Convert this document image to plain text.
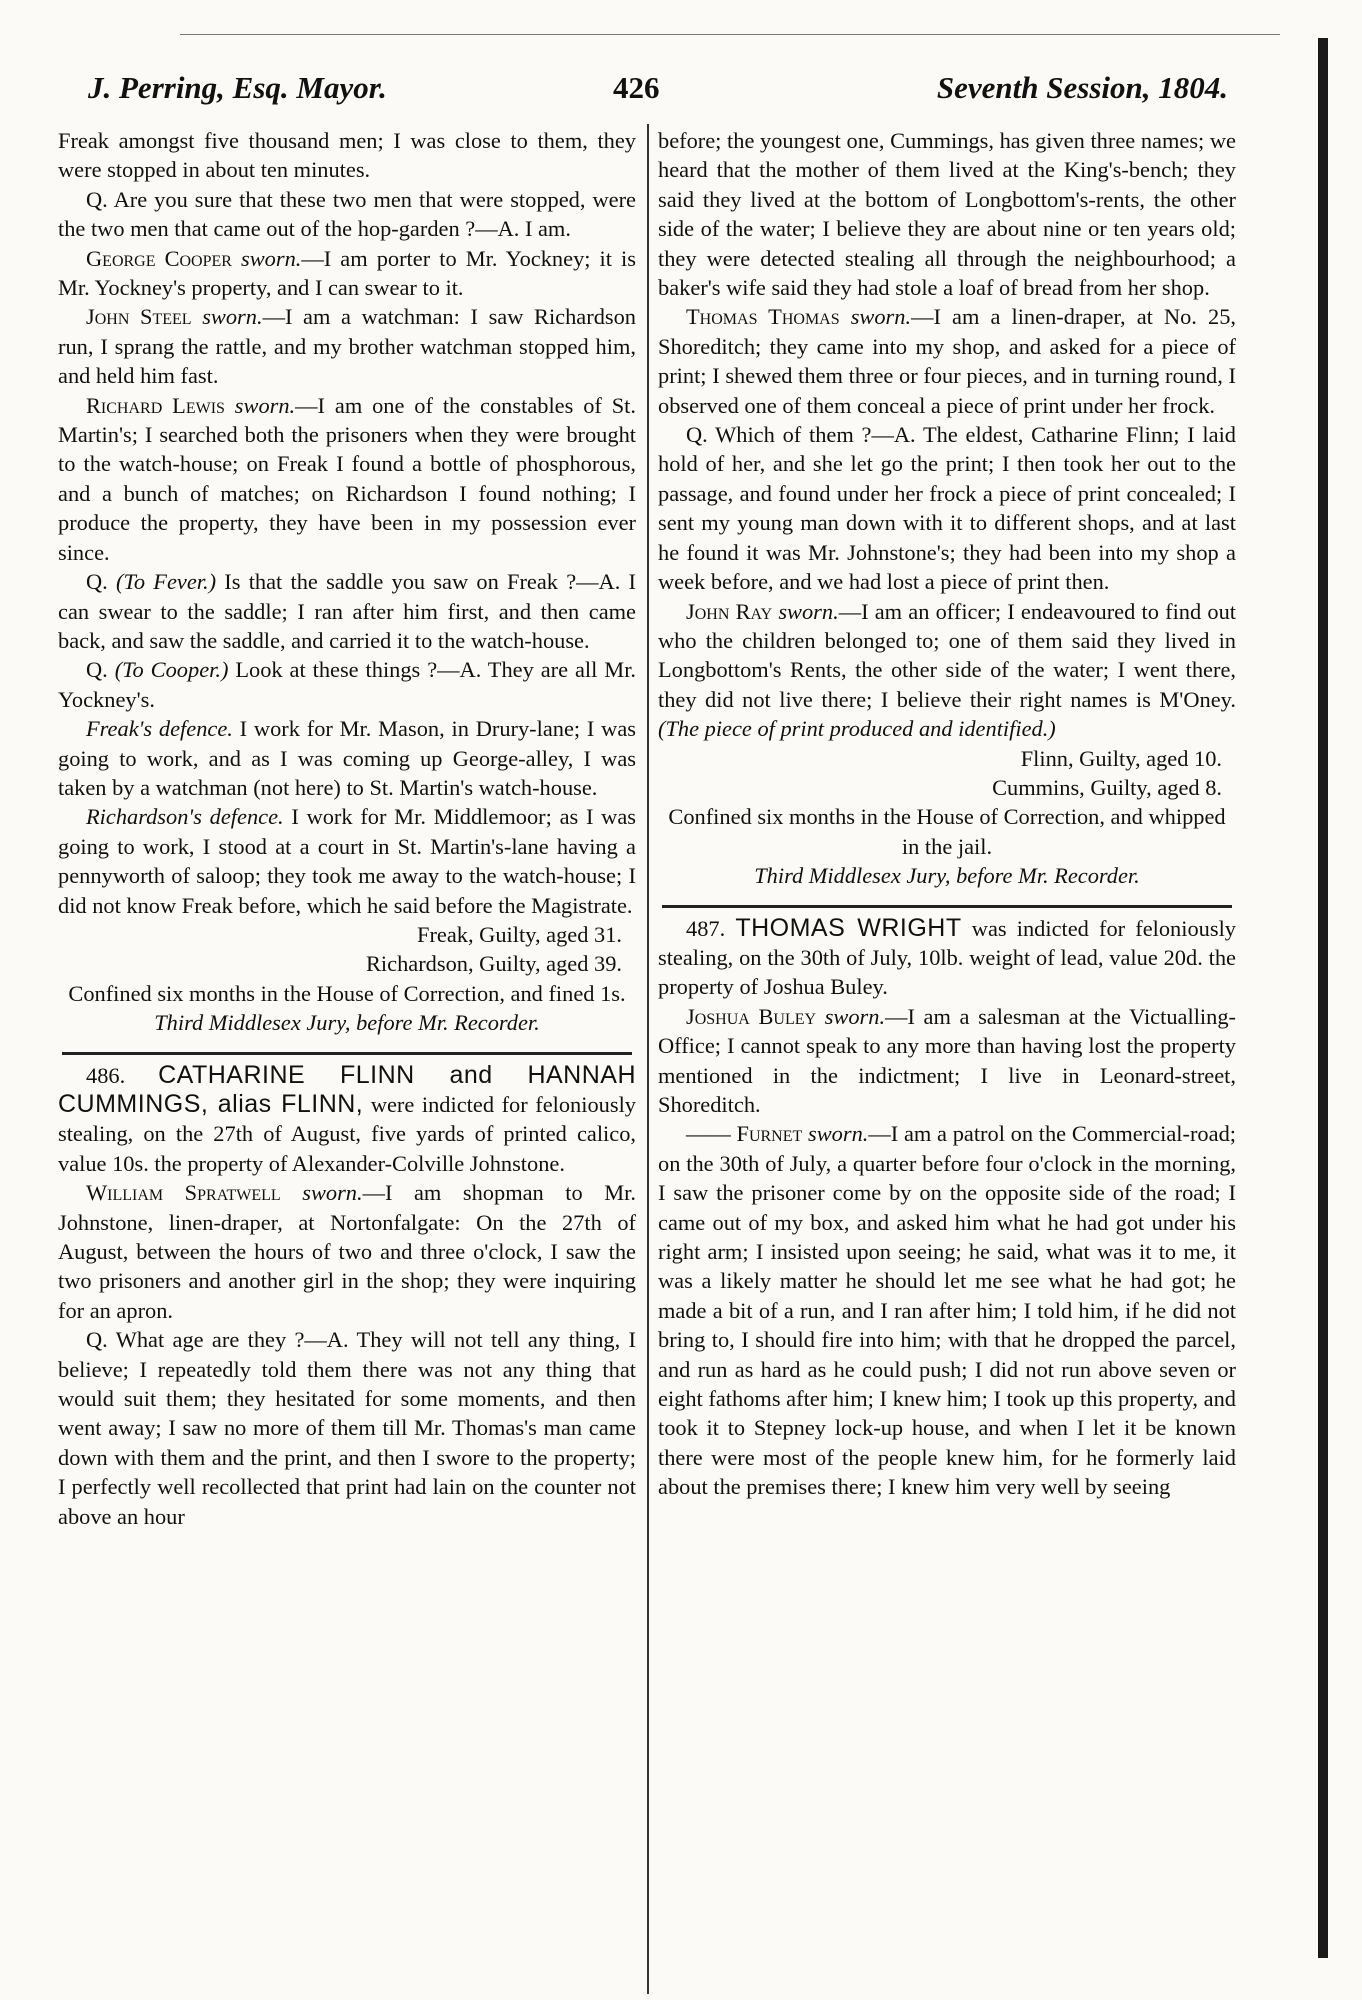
J. Perring, Esq. Mayor.	426	Seventh Session, 1804.

Freak amongst five thousand men; I was close to them, they were stopped in about ten minutes.

Q. Are you sure that these two men that were stopped, were the two men that came out of the hop-garden ?—A. I am.

George Cooper sworn.—I am porter to Mr. Yockney; it is Mr. Yockney's property, and I can swear to it.

John Steel sworn.—I am a watchman: I saw Richardson run, I sprang the rattle, and my brother watchman stopped him, and held him fast.

Richard Lewis sworn.—I am one of the constables of St. Martin's; I searched both the prisoners when they were brought to the watch-house; on Freak I found a bottle of phosphorous, and a bunch of matches; on Richardson I found nothing; I produce the property, they have been in my possession ever since.

Q. (To Fever.) Is that the saddle you saw on Freak ?—A. I can swear to the saddle; I ran after him first, and then came back, and saw the saddle, and carried it to the watch-house.

Q. (To Cooper.) Look at these things ?—A. They are all Mr. Yockney's.

Freak's defence. I work for Mr. Mason, in Drury-lane; I was going to work, and as I was coming up George-alley, I was taken by a watchman (not here) to St. Martin's watch-house.

Richardson's defence. I work for Mr. Middlemoor; as I was going to work, I stood at a court in St. Martin's-lane having a pennyworth of saloop; they took me away to the watch-house; I did not know Freak before, which he said before the Magistrate.

Freak, Guilty, aged 31.

Richardson, Guilty, aged 39.

Confined six months in the House of Correction, and fined 1s.

Third Middlesex Jury, before Mr. Recorder.

486. CATHARINE FLINN and HANNAH CUMMINGS, alias FLINN, were indicted for feloniously stealing, on the 27th of August, five yards of printed calico, value 10s. the property of Alexander-Colville Johnstone.

William Spratwell sworn.—I am shopman to Mr. Johnstone, linen-draper, at Nortonfalgate: On the 27th of August, between the hours of two and three o'clock, I saw the two prisoners and another girl in the shop; they were inquiring for an apron.

Q. What age are they ?—A. They will not tell any thing, I believe; I repeatedly told them there was not any thing that would suit them; they hesitated for some moments, and then went away; I saw no more of them till Mr. Thomas's man came down with them and the print, and then I swore to the property; I perfectly well recollected that print had lain on the counter not above an hour

before; the youngest one, Cummings, has given three names; we heard that the mother of them lived at the King's-bench; they said they lived at the bottom of Longbottom's-rents, the other side of the water; I believe they are about nine or ten years old; they were detected stealing all through the neighbourhood; a baker's wife said they had stole a loaf of bread from her shop.

Thomas Thomas sworn.—I am a linen-draper, at No. 25, Shoreditch; they came into my shop, and asked for a piece of print; I shewed them three or four pieces, and in turning round, I observed one of them conceal a piece of print under her frock.

Q. Which of them ?—A. The eldest, Catharine Flinn; I laid hold of her, and she let go the print; I then took her out to the passage, and found under her frock a piece of print concealed; I sent my young man down with it to different shops, and at last he found it was Mr. Johnstone's; they had been into my shop a week before, and we had lost a piece of print then.

John Ray sworn.—I am an officer; I endeavoured to find out who the children belonged to; one of them said they lived in Longbottom's Rents, the other side of the water; I went there, they did not live there; I believe their right names is M'Oney. (The piece of print produced and identified.)

Flinn, Guilty, aged 10.

Cummins, Guilty, aged 8.

Confined six months in the House of Correction, and whipped in the jail.

Third Middlesex Jury, before Mr. Recorder.

487. THOMAS WRIGHT was indicted for feloniously stealing, on the 30th of July, 10lb. weight of lead, value 20d. the property of Joshua Buley.

Joshua Buley sworn.—I am a salesman at the Victualling-Office; I cannot speak to any more than having lost the property mentioned in the indictment; I live in Leonard-street, Shoreditch.

—— Furnet sworn.—I am a patrol on the Commercial-road; on the 30th of July, a quarter before four o'clock in the morning, I saw the prisoner come by on the opposite side of the road; I came out of my box, and asked him what he had got under his right arm; I insisted upon seeing; he said, what was it to me, it was a likely matter he should let me see what he had got; he made a bit of a run, and I ran after him; I told him, if he did not bring to, I should fire into him; with that he dropped the parcel, and run as hard as he could push; I did not run above seven or eight fathoms after him; I knew him; I took up this property, and took it to Stepney lock-up house, and when I let it be known there were most of the people knew him, for he formerly laid about the premises there; I knew him very well by seeing
